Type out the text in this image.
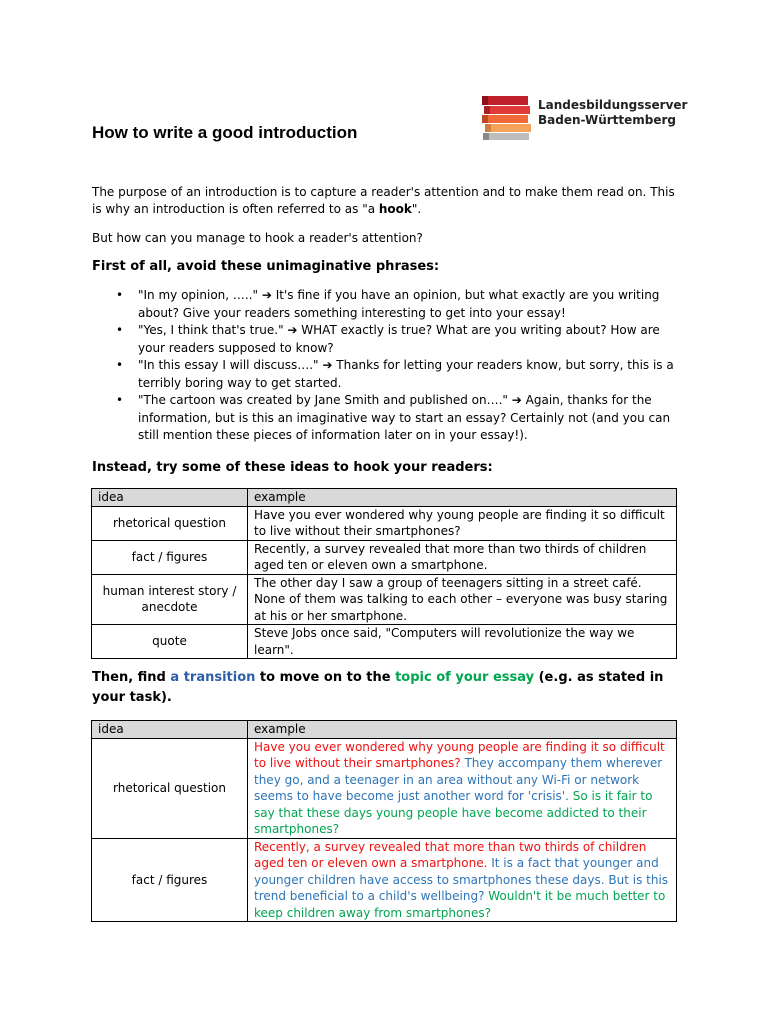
Landesbildungsserver
Baden-Württemberg
How to write a good introduction

The purpose of an introduction is to capture a reader's attention and to make them read on. This is why an introduction is often referred to as "a hook".

But how can you manage to hook a reader's attention?

First of all, avoid these unimaginative phrases:
• "In my opinion, ….." ➔ It's fine if you have an opinion, but what exactly are you writing about? Give your readers something interesting to get into your essay!
• "Yes, I think that's true." ➔ WHAT exactly is true? What are you writing about? How are your readers supposed to know?
• "In this essay I will discuss…." ➔ Thanks for letting your readers know, but sorry, this is a terribly boring way to get started.
• "The cartoon was created by Jane Smith and published on…." ➔ Again, thanks for the information, but is this an imaginative way to start an essay? Certainly not (and you can still mention these pieces of information later on in your essay!).
Instead, try some of these ideas to hook your readers:
idea	example
rhetorical question	Have you ever wondered why young people are finding it so difficult to live without their smartphones?
fact / figures	Recently, a survey revealed that more than two thirds of children aged ten or eleven own a smartphone.
human interest story / anecdote	The other day I saw a group of teenagers sitting in a street café. None of them was talking to each other – everyone was busy staring at his or her smartphone.
quote	Steve Jobs once said, "Computers will revolutionize the way we learn".
Then, find a transition to move on to the topic of your essay (e.g. as stated in your task).
idea	example
rhetorical question	Have you ever wondered why young people are finding it so difficult to live without their smartphones? They accompany them wherever they go, and a teenager in an area without any Wi-Fi or network seems to have become just another word for 'crisis'. So is it fair to say that these days young people have become addicted to their smartphones?
fact / figures	Recently, a survey revealed that more than two thirds of children aged ten or eleven own a smartphone. It is a fact that younger and younger children have access to smartphones these days. But is this trend beneficial to a child's wellbeing? Wouldn't it be much better to keep children away from smartphones?
